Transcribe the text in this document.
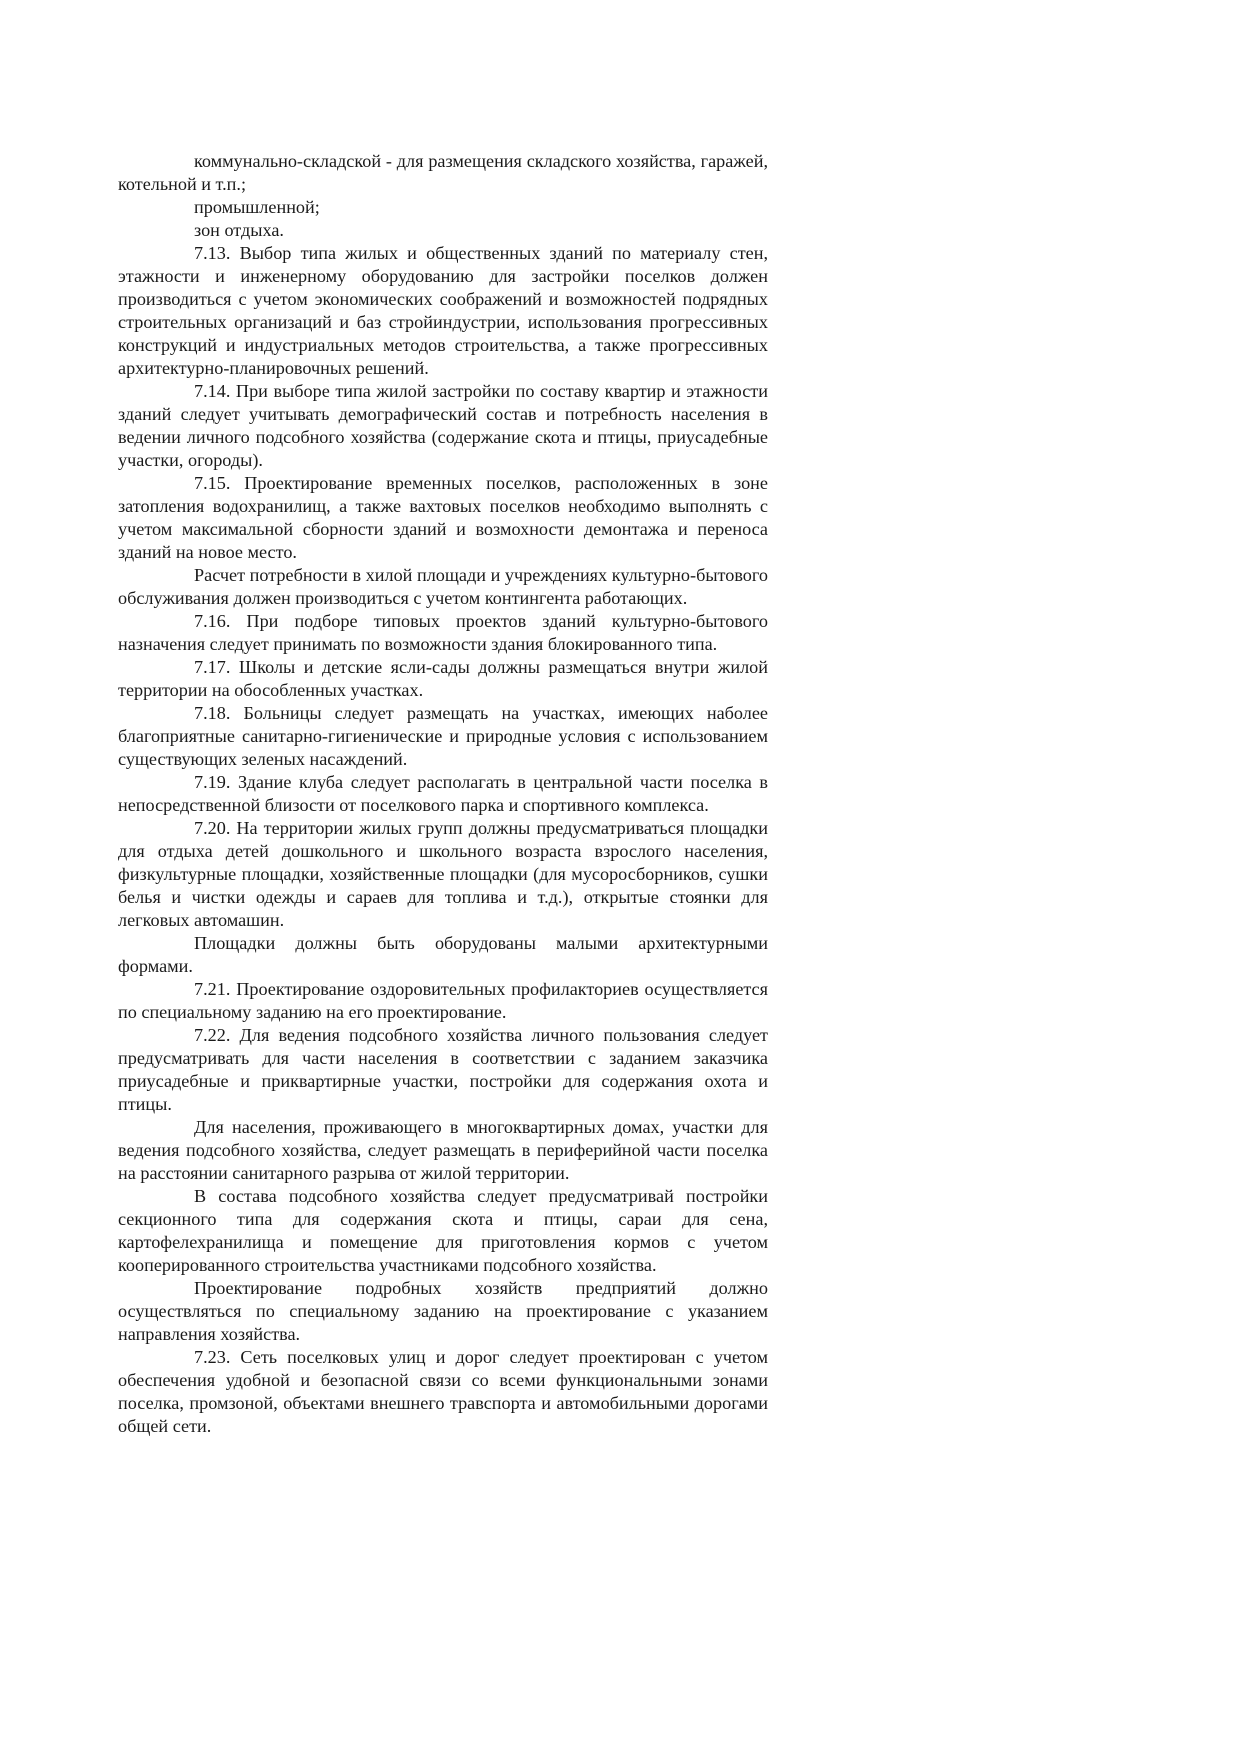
коммунально-складской - для размещения складского хозяйства, гаражей, котельной и т.п.;

промышленной;

зон отдыха.

7.13. Выбор типа жилых и общественных зданий по материалу стен, этажности и инженерному оборудованию для застройки поселков должен производиться с учетом экономических соображений и возможностей подрядных строительных организаций и баз стройиндустрии, использования прогрессивных конструкций и индустриальных методов строительства, а также прогрессивных архитектурно-планировочных решений.

7.14. При выборе типа жилой застройки по составу квартир и этажности зданий следует учитывать демографический состав и потребность населения в ведении личного подсобного хозяйства (содержание скота и птицы, приусадебные участки, огороды).

7.15. Проектирование временных поселков, расположенных в зоне затопления водохранилищ, а также вахтовых поселков необходимо выполнять с учетом максимальной сборности зданий и возмохности демонтажа и переноса зданий на новое место.

Расчет потребности в хилой площади и учреждениях культурно-бытового обслуживания должен производиться с учетом контингента работающих.

7.16. При подборе типовых проектов зданий культурно-бытового назначения следует принимать по возможности здания блокированного типа.

7.17. Школы и детские ясли-сады должны размещаться внутри жилой территории на обособленных участках.

7.18. Больницы следует размещать на участках, имеющих наболее благоприятные санитарно-гигиенические и природные условия с использованием существующих зеленых насаждений.

7.19. Здание клуба следует располагать в центральной части поселка в непосредственной близости от поселкового парка и спортивного комплекса.

7.20. На территории жилых групп должны предусматриваться площадки для отдыха детей дошкольного и школьного возраста взрослого населения, физкультурные площадки, хозяйственные площадки (для мусоросборников, сушки белья и чистки одежды и сараев для топлива и т.д.), открытые стоянки для легковых автомашин.

Площадки должны быть оборудованы малыми архитектурными формами.

7.21. Проектирование оздоровительных профилакториев осуществляется по специальному заданию на его проектирование.

7.22. Для ведения подсобного хозяйства личного пользования следует предусматривать для части населения в соответствии с заданием заказчика приусадебные и приквартирные участки, постройки для содержания охота и птицы.

Для населения, проживающего в многоквартирных домах, участки для ведения подсобного хозяйства, следует размещать в периферийной части поселка на расстоянии санитарного разрыва от жилой территории.

В состава подсобного хозяйства следует предусматривай постройки секционного типа для содержания скота и птицы, сараи для сена, картофелехранилища и помещение для приготовления кормов с учетом кооперированного строительства участниками подсобного хозяйства.

Проектирование подробных хозяйств предприятий должно осуществляться по специальному заданию на проектирование с указанием направления хозяйства.

7.23. Сеть поселковых улиц и дорог следует проектирован с учетом обеспечения удобной и безопасной связи со всеми функциональными зонами поселка, промзоной, объектами внешнего травспорта и автомобильными дорогами общей сети.
